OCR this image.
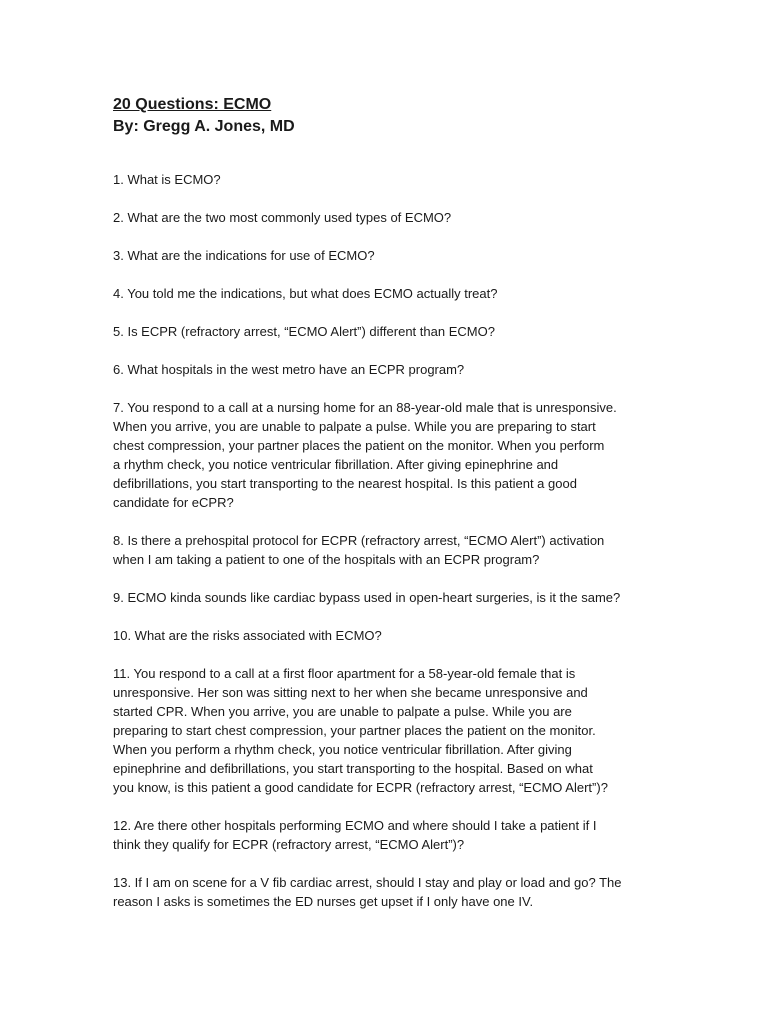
20 Questions: ECMO
By: Gregg A. Jones, MD

1. What is ECMO?

2. What are the two most commonly used types of ECMO?

3. What are the indications for use of ECMO?

4. You told me the indications, but what does ECMO actually treat?

5. Is ECPR (refractory arrest, “ECMO Alert”) different than ECMO?

6. What hospitals in the west metro have an ECPR program?

7. You respond to a call at a nursing home for an 88-year-old male that is unresponsive.
When you arrive, you are unable to palpate a pulse. While you are preparing to start
chest compression, your partner places the patient on the monitor. When you perform
a rhythm check, you notice ventricular fibrillation. After giving epinephrine and
defibrillations, you start transporting to the nearest hospital. Is this patient a good
candidate for eCPR?

8. Is there a prehospital protocol for ECPR (refractory arrest, “ECMO Alert”) activation
when I am taking a patient to one of the hospitals with an ECPR program?

9. ECMO kinda sounds like cardiac bypass used in open-heart surgeries, is it the same?

10. What are the risks associated with ECMO?

11. You respond to a call at a first floor apartment for a 58-year-old female that is
unresponsive. Her son was sitting next to her when she became unresponsive and
started CPR. When you arrive, you are unable to palpate a pulse. While you are
preparing to start chest compression, your partner places the patient on the monitor.
When you perform a rhythm check, you notice ventricular fibrillation. After giving
epinephrine and defibrillations, you start transporting to the hospital. Based on what
you know, is this patient a good candidate for ECPR (refractory arrest, “ECMO Alert”)?

12. Are there other hospitals performing ECMO and where should I take a patient if I
think they qualify for ECPR (refractory arrest, “ECMO Alert”)?

13. If I am on scene for a V fib cardiac arrest, should I stay and play or load and go? The
reason I asks is sometimes the ED nurses get upset if I only have one IV.
